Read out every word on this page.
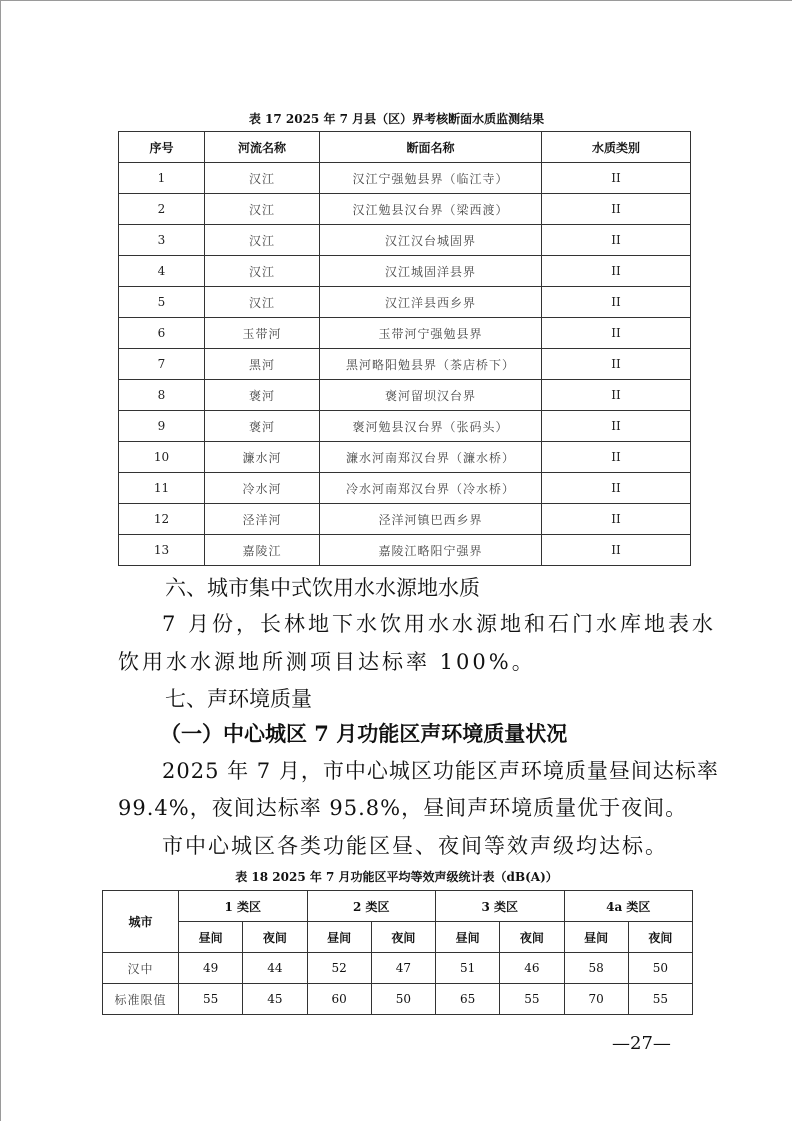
表 17 2025 年 7 月县（区）界考核断面水质监测结果
序号	河流名称	断面名称	水质类别
1	汉江	汉江宁强勉县界（临江寺）	II
2	汉江	汉江勉县汉台界（梁西渡）	II
3	汉江	汉江汉台城固界	II
4	汉江	汉江城固洋县界	II
5	汉江	汉江洋县西乡界	II
6	玉带河	玉带河宁强勉县界	II
7	黑河	黑河略阳勉县界（茶店桥下）	II
8	褒河	褒河留坝汉台界	II
9	褒河	褒河勉县汉台界（张码头）	II
10	濂水河	濂水河南郑汉台界（濂水桥）	II
11	冷水河	冷水河南郑汉台界（冷水桥）	II
12	泾洋河	泾洋河镇巴西乡界	II
13	嘉陵江	嘉陵江略阳宁强界	II
六、城市集中式饮用水水源地水质
7 月份，长林地下水饮用水水源地和石门水库地表水
饮用水水源地所测项目达标率 100%。
七、声环境质量
（一）中心城区 7 月功能区声环境质量状况
2025 年 7 月，市中心城区功能区声环境质量昼间达标率
99.4%，夜间达标率 95.8%，昼间声环境质量优于夜间。
市中心城区各类功能区昼、夜间等效声级均达标。
表 18 2025 年 7 月功能区平均等效声级统计表（dB(A)）
城市	1 类区		2 类区		3 类区		4a 类区	
	昼间	夜间	昼间	夜间	昼间	夜间	昼间	夜间
汉中	49	44	52	47	51	46	58	50
标准限值	55	45	60	50	65	55	70	55
—27—
